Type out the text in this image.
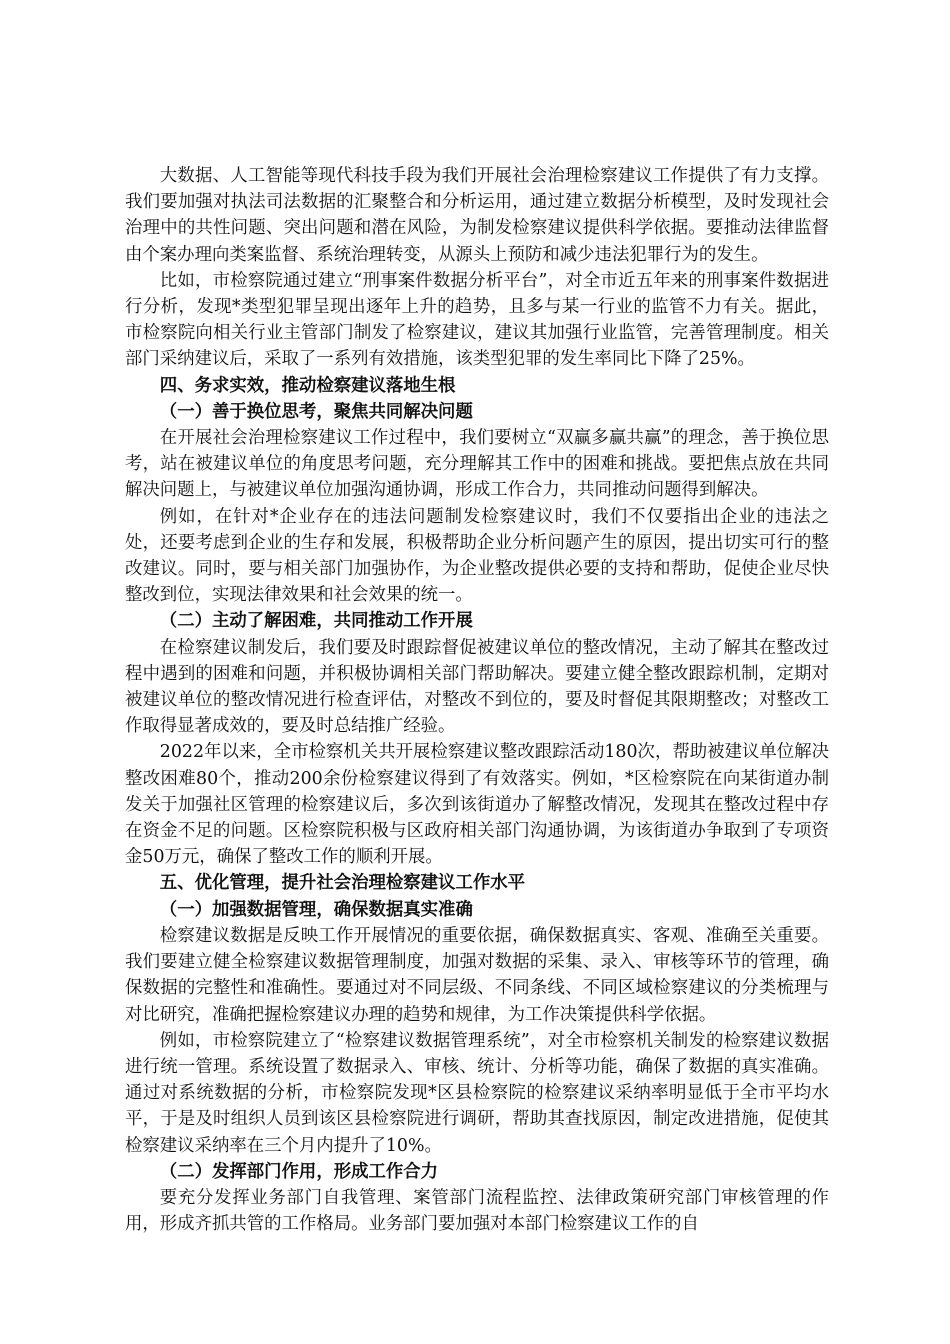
大数据、人工智能等现代科技手段为我们开展社会治理检察建议工作提供了有力支撑。我们要加强对执法司法数据的汇聚整合和分析运用，通过建立数据分析模型，及时发现社会治理中的共性问题、突出问题和潜在风险，为制发检察建议提供科学依据。要推动法律监督由个案办理向类案监督、系统治理转变，从源头上预防和减少违法犯罪行为的发生。

比如，市检察院通过建立“刑事案件数据分析平台”，对全市近五年来的刑事案件数据进行分析，发现*类型犯罪呈现出逐年上升的趋势，且多与某一行业的监管不力有关。据此，市检察院向相关行业主管部门制发了检察建议，建议其加强行业监管，完善管理制度。相关部门采纳建议后，采取了一系列有效措施，该类型犯罪的发生率同比下降了25%。

四、务求实效，推动检察建议落地生根

（一）善于换位思考，聚焦共同解决问题

在开展社会治理检察建议工作过程中，我们要树立“双赢多赢共赢”的理念，善于换位思考，站在被建议单位的角度思考问题，充分理解其工作中的困难和挑战。要把焦点放在共同解决问题上，与被建议单位加强沟通协调，形成工作合力，共同推动问题得到解决。

例如，在针对*企业存在的违法问题制发检察建议时，我们不仅要指出企业的违法之处，还要考虑到企业的生存和发展，积极帮助企业分析问题产生的原因，提出切实可行的整改建议。同时，要与相关部门加强协作，为企业整改提供必要的支持和帮助，促使企业尽快整改到位，实现法律效果和社会效果的统一。

（二）主动了解困难，共同推动工作开展

在检察建议制发后，我们要及时跟踪督促被建议单位的整改情况，主动了解其在整改过程中遇到的困难和问题，并积极协调相关部门帮助解决。要建立健全整改跟踪机制，定期对被建议单位的整改情况进行检查评估，对整改不到位的，要及时督促其限期整改；对整改工作取得显著成效的，要及时总结推广经验。

2022年以来，全市检察机关共开展检察建议整改跟踪活动180次，帮助被建议单位解决整改困难80个，推动200余份检察建议得到了有效落实。例如，*区检察院在向某街道办制发关于加强社区管理的检察建议后，多次到该街道办了解整改情况，发现其在整改过程中存在资金不足的问题。区检察院积极与区政府相关部门沟通协调，为该街道办争取到了专项资金50万元，确保了整改工作的顺利开展。

五、优化管理，提升社会治理检察建议工作水平

（一）加强数据管理，确保数据真实准确

检察建议数据是反映工作开展情况的重要依据，确保数据真实、客观、准确至关重要。我们要建立健全检察建议数据管理制度，加强对数据的采集、录入、审核等环节的管理，确保数据的完整性和准确性。要通过对不同层级、不同条线、不同区域检察建议的分类梳理与对比研究，准确把握检察建议办理的趋势和规律，为工作决策提供科学依据。

例如，市检察院建立了“检察建议数据管理系统”，对全市检察机关制发的检察建议数据进行统一管理。系统设置了数据录入、审核、统计、分析等功能，确保了数据的真实准确。通过对系统数据的分析，市检察院发现*区县检察院的检察建议采纳率明显低于全市平均水平，于是及时组织人员到该区县检察院进行调研，帮助其查找原因，制定改进措施，促使其检察建议采纳率在三个月内提升了10%。

（二）发挥部门作用，形成工作合力

要充分发挥业务部门自我管理、案管部门流程监控、法律政策研究部门审核管理的作用，形成齐抓共管的工作格局。业务部门要加强对本部门检察建议工作的自
